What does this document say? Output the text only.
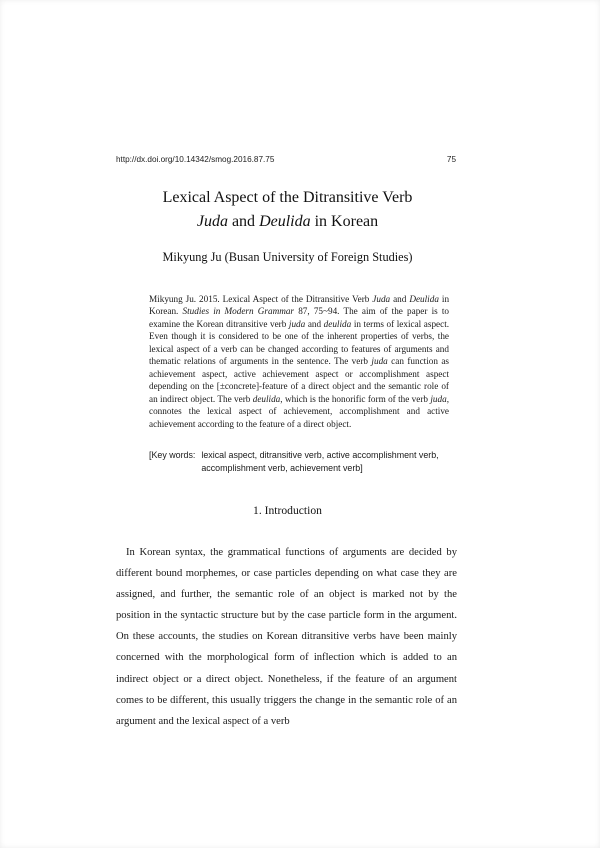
http://dx.doi.org/10.14342/smog.2016.87.75	75
Lexical Aspect of the Ditransitive Verb
Juda and Deulida in Korean
Mikyung Ju (Busan University of Foreign Studies)

Mikyung Ju. 2015. Lexical Aspect of the Ditransitive Verb Juda and Deulida in Korean. Studies in Modern Grammar 87, 75~94. The aim of the paper is to examine the Korean ditransitive verb juda and deulida in terms of lexical aspect. Even though it is considered to be one of the inherent properties of verbs, the lexical aspect of a verb can be changed according to features of arguments and thematic relations of arguments in the sentence. The verb juda can function as achievement aspect, active achievement aspect or accomplishment aspect depending on the [±concrete]-feature of a direct object and the semantic role of an indirect object. The verb deulida, which is the honorific form of the verb juda, connotes the lexical aspect of achievement, accomplishment and active achievement according to the feature of a direct object.

[Key words: lexical aspect, ditransitive verb, active accomplishment verb, accomplishment verb, achievement verb]
1. Introduction

In Korean syntax, the grammatical functions of arguments are decided by different bound morphemes, or case particles depending on what case they are assigned, and further, the semantic role of an object is marked not by the position in the syntactic structure but by the case particle form in the argument. On these accounts, the studies on Korean ditransitive verbs have been mainly concerned with the morphological form of inflection which is added to an indirect object or a direct object. Nonetheless, if the feature of an argument comes to be different, this usually triggers the change in the semantic role of an argument and the lexical aspect of a verb
